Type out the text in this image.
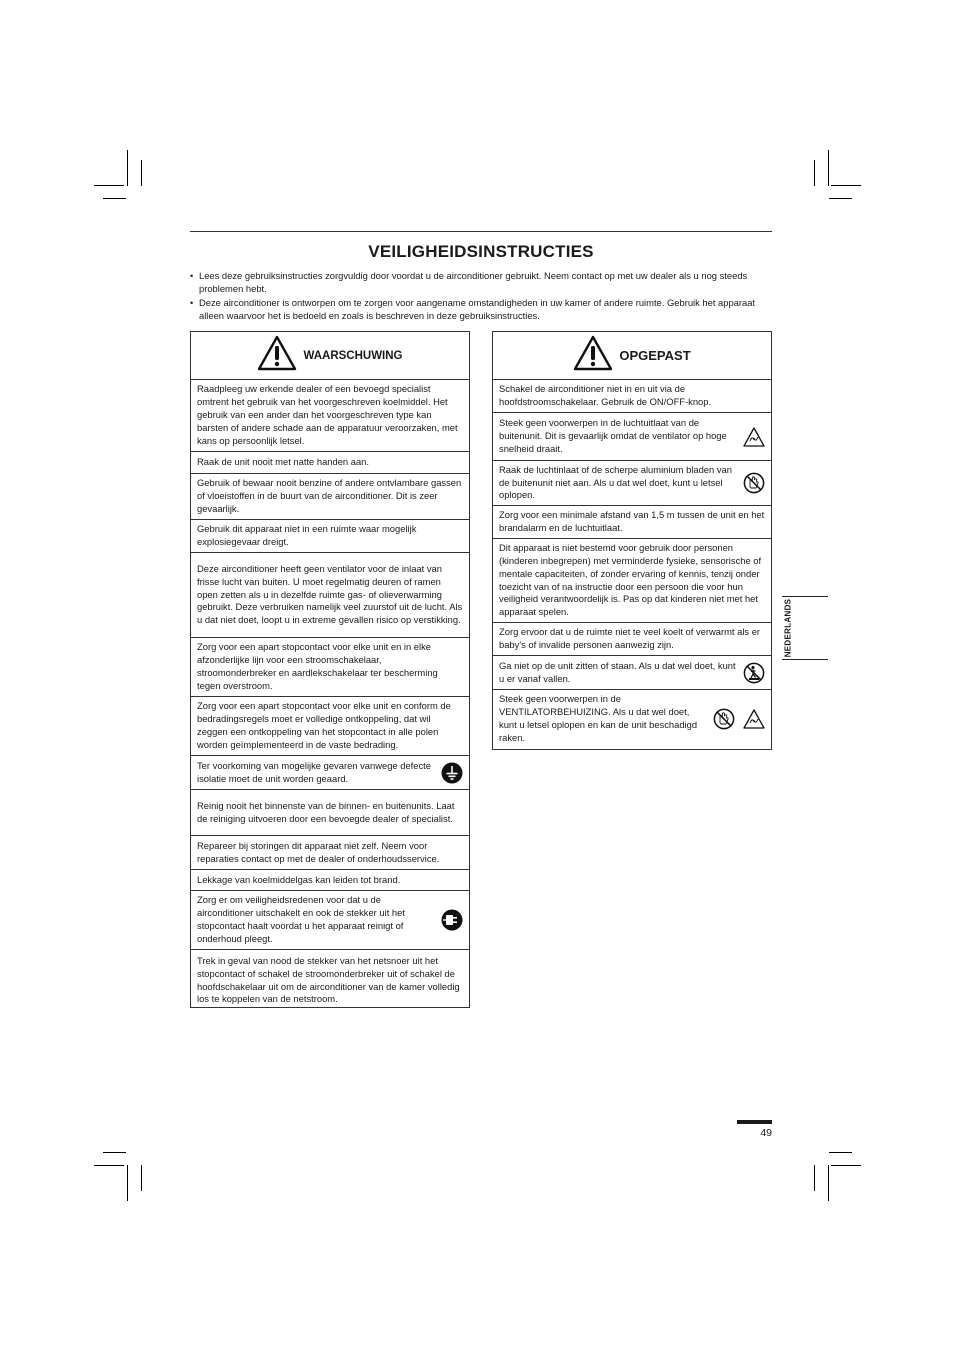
VEILIGHEIDSINSTRUCTIES
• Lees deze gebruiksinstructies zorgvuldig door voordat u de airconditioner gebruikt. Neem contact op met uw dealer als u nog steeds problemen hebt.
• Deze airconditioner is ontworpen om te zorgen voor aangename omstandigheden in uw kamer of andere ruimte. Gebruik het apparaat alleen waarvoor het is bedoeld en zoals is beschreven in deze gebruiksinstructies.
WAARSCHUWING
Raadpleeg uw erkende dealer of een bevoegd specialist omtrent het gebruik van het voorgeschreven koelmiddel. Het gebruik van een ander dan het voorgeschreven type kan barsten of andere schade aan de apparatuur veroorzaken, met kans op persoonlijk letsel.
Raak de unit nooit met natte handen aan.
Gebruik of bewaar nooit benzine of andere ontvlambare gassen of vloeistoffen in de buurt van de airconditioner. Dit is zeer gevaarlijk.
Gebruik dit apparaat niet in een ruimte waar mogelijk explosiegevaar dreigt.
Deze airconditioner heeft geen ventilator voor de inlaat van frisse lucht van buiten. U moet regelmatig deuren of ramen open zetten als u in dezelfde ruimte gas- of olieverwarming gebruikt. Deze verbruiken namelijk veel zuurstof uit de lucht. Als u dat niet doet, loopt u in extreme gevallen risico op verstikking.
Zorg voor een apart stopcontact voor elke unit en in elke afzonderlijke lijn voor een stroomschakelaar, stroomonderbreker en aardlekschakelaar ter bescherming tegen overstroom.
Zorg voor een apart stopcontact voor elke unit en conform de bedradingsregels moet er volledige ontkoppeling, dat wil zeggen een ontkoppeling van het stopcontact in alle polen worden geïmplementeerd in de vaste bedrading.
Ter voorkoming van mogelijke gevaren vanwege defecte isolatie moet de unit worden geaard.
Reinig nooit het binnenste van de binnen- en buitenunits. Laat de reiniging uitvoeren door een bevoegde dealer of specialist.
Repareer bij storingen dit apparaat niet zelf. Neem voor reparaties contact op met de dealer of onderhoudsservice.
Lekkage van koelmiddelgas kan leiden tot brand.
Zorg er om veiligheidsredenen voor dat u de airconditioner uitschakelt en ook de stekker uit het stopcontact haalt voordat u het apparaat reinigt of onderhoud pleegt.
Trek in geval van nood de stekker van het netsnoer uit het stopcontact of schakel de stroomonderbreker uit of schakel de hoofdschakelaar uit om de airconditioner van de kamer volledig los te koppelen van de netstroom.
OPGEPAST
Schakel de airconditioner niet in en uit via de hoofdstroomschakelaar. Gebruik de ON/OFF-knop.
Steek geen voorwerpen in de luchtuitlaat van de buitenunit. Dit is gevaarlijk omdat de ventilator op hoge snelheid draait.
Raak de luchtinlaat of de scherpe aluminium bladen van de buitenunit niet aan. Als u dat wel doet, kunt u letsel oplopen.
Zorg voor een minimale afstand van 1,5 m tussen de unit en het brandalarm en de luchtuitlaat.
Dit apparaat is niet bestemd voor gebruik door personen (kinderen inbegrepen) met verminderde fysieke, sensorische of mentale capaciteiten, of zonder ervaring of kennis, tenzij onder toezicht van of na instructie door een persoon die voor hun veiligheid verantwoordelijk is. Pas op dat kinderen niet met het apparaat spelen.
Zorg ervoor dat u de ruimte niet te veel koelt of verwarmt als er baby's of invalide personen aanwezig zijn.
Ga niet op de unit zitten of staan. Als u dat wel doet, kunt u er vanaf vallen.
Steek geen voorwerpen in de VENTILATORBEHUIZING. Als u dat wel doet, kunt u letsel oplopen en kan de unit beschadigd raken.
NEDERLANDS
49
